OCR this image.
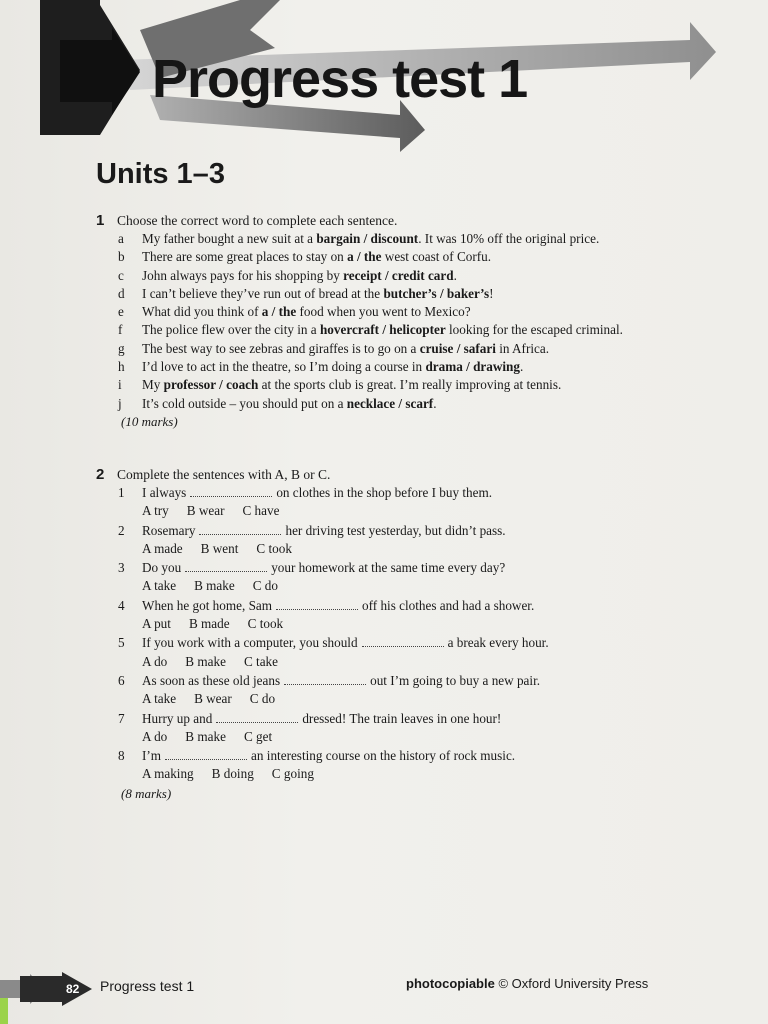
Progress test 1
Units 1–3
1 Choose the correct word to complete each sentence.
a	My father bought a new suit at a bargain / discount. It was 10% off the original price.
b	There are some great places to stay on a / the west coast of Corfu.
c	John always pays for his shopping by receipt / credit card.
d	I can’t believe they’ve run out of bread at the butcher’s / baker’s!
e	What did you think of a / the food when you went to Mexico?
f	The police flew over the city in a hovercraft / helicopter looking for the escaped criminal.
g	The best way to see zebras and giraffes is to go on a cruise / safari in Africa.
h	I’d love to act in the theatre, so I’m doing a course in drama / drawing.
i	My professor / coach at the sports club is great. I’m really improving at tennis.
j	It’s cold outside – you should put on a necklace / scarf.
(10 marks)
2 Complete the sentences with A, B or C.
1	I always	on clothes in the shop before I buy them.
A try B wear C have
2	Rosemary	her driving test yesterday, but didn’t pass.
A made B went C took
3	Do you	your homework at the same time every day?
A take B make C do
4	When he got home, Sam	off his clothes and had a shower.
A put B made C took
5	If you work with a computer, you should	a break every hour.
A do B make C take
6	As soon as these old jeans	out I’m going to buy a new pair.
A take B wear C do
7	Hurry up and	dressed! The train leaves in one hour!
A do B make C get
8	I’m	an interesting course on the history of rock music.
A making B doing C going
(8 marks)
82 Progress test 1	photocopiable © Oxford University Press
